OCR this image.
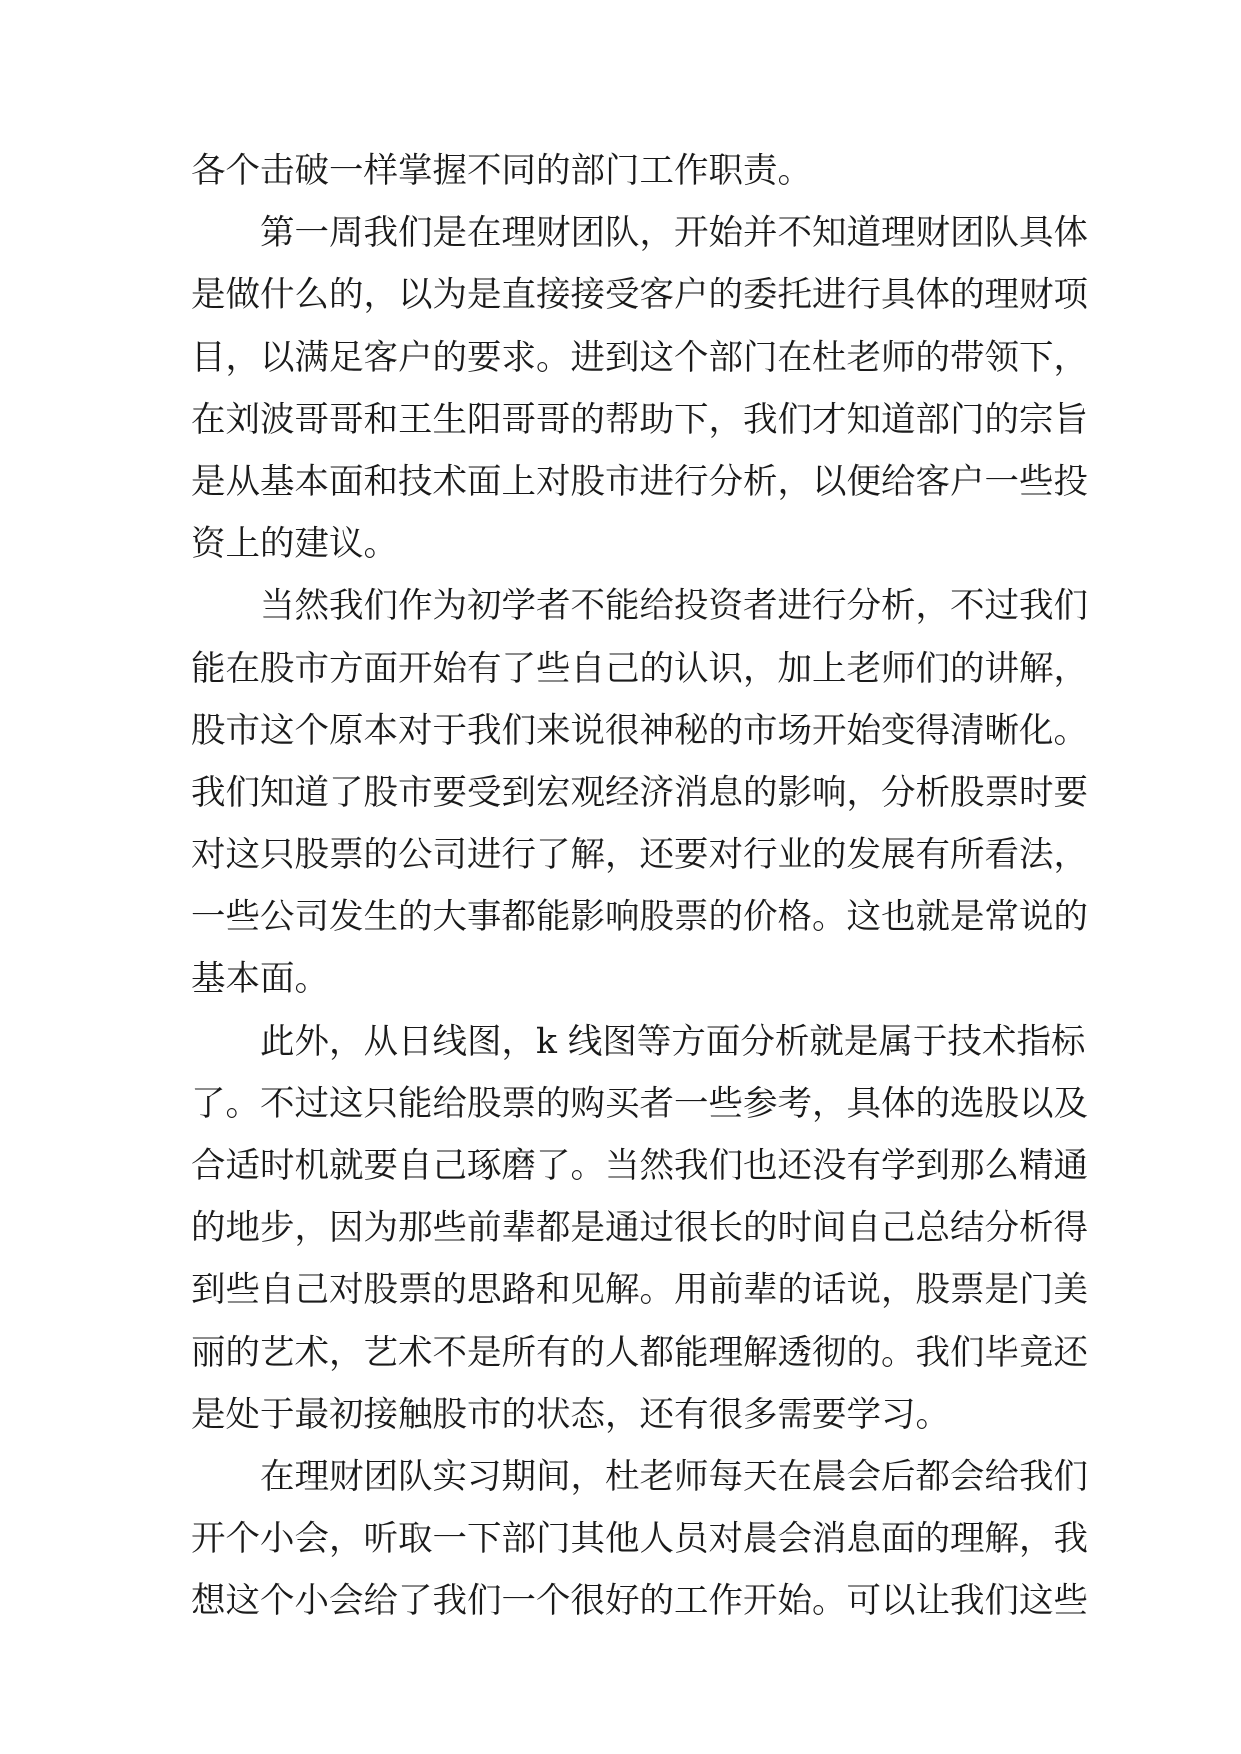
各个击破一样掌握不同的部门工作职责。
第一周我们是在理财团队，开始并不知道理财团队具体
是做什么的，以为是直接接受客户的委托进行具体的理财项
目，以满足客户的要求。进到这个部门在杜老师的带领下，
在刘波哥哥和王生阳哥哥的帮助下，我们才知道部门的宗旨
是从基本面和技术面上对股市进行分析，以便给客户一些投
资上的建议。
当然我们作为初学者不能给投资者进行分析，不过我们
能在股市方面开始有了些自己的认识，加上老师们的讲解，
股市这个原本对于我们来说很神秘的市场开始变得清晰化。
我们知道了股市要受到宏观经济消息的影响，分析股票时要
对这只股票的公司进行了解，还要对行业的发展有所看法，
一些公司发生的大事都能影响股票的价格。这也就是常说的
基本面。
此外，从日线图，k 线图等方面分析就是属于技术指标
了。不过这只能给股票的购买者一些参考，具体的选股以及
合适时机就要自己琢磨了。当然我们也还没有学到那么精通
的地步，因为那些前辈都是通过很长的时间自己总结分析得
到些自己对股票的思路和见解。用前辈的话说，股票是门美
丽的艺术，艺术不是所有的人都能理解透彻的。我们毕竟还
是处于最初接触股市的状态，还有很多需要学习。
在理财团队实习期间，杜老师每天在晨会后都会给我们
开个小会，听取一下部门其他人员对晨会消息面的理解，我
想这个小会给了我们一个很好的工作开始。可以让我们这些
